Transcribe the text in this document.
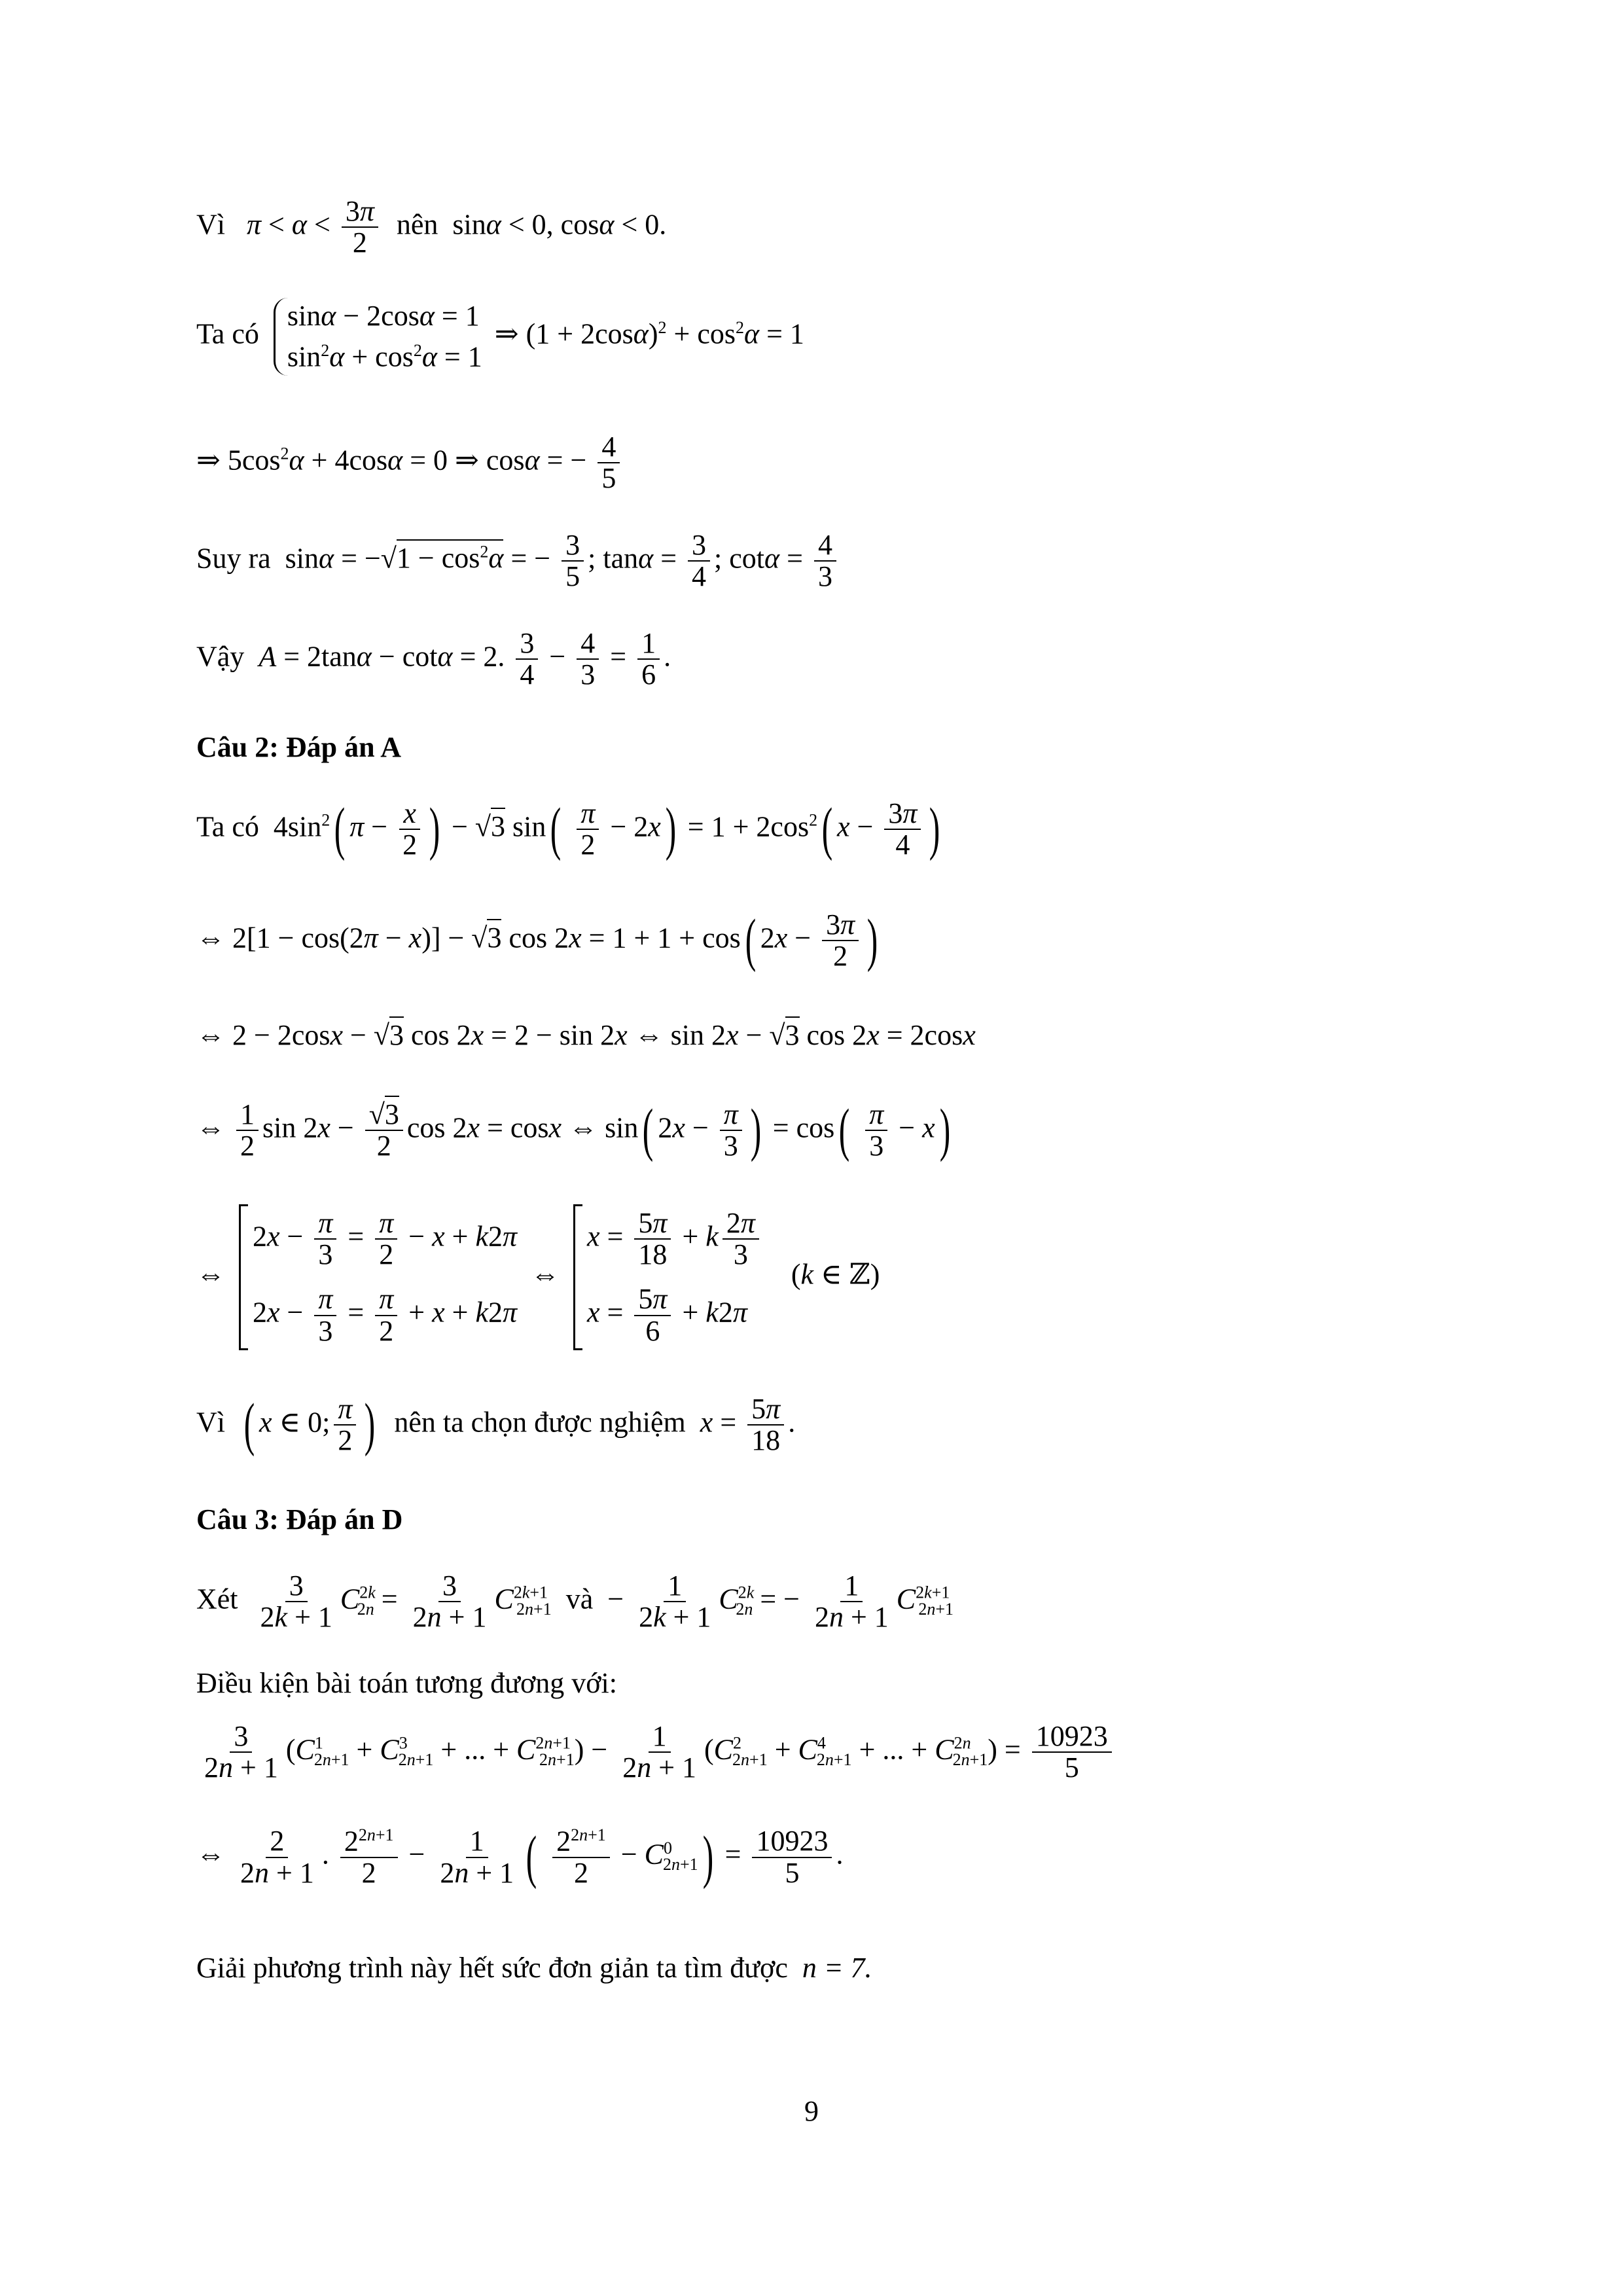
Vì $\pi < \alpha < \frac{3\pi}{2}$ nên  sinα < 0, cosα < 0.
Ta có
sinα − 2cosα = 1
$\sin^2\alpha + \cos^2\alpha = 1$
⇒ $(1 + 2\cos\alpha)^2 + \cos^2\alpha = 1$
⇒ $5\cos^2\alpha + 4\cos\alpha = 0$ ⇒ cosα = − $\frac{4}{5}$
Suy ra  $\sin\alpha = -√1 - \cos^2\alpha$ = − $\frac{3}{5}$ ; $\tan\alpha = \frac{3}{4}$ ; $\cot\alpha = \frac{4}{3}$
Vậy A = 2tanα − cotα = 2. $\frac{3}{4} - \frac{4}{3} = \frac{1}{6}$ .
Câu 2: Đáp án A
Ta có  $4\sin^2$( $\pi - \frac{x}{2}$ ) − √3 $\sin( \frac{\pi}{2} - 2x) = 1 + 2\cos^2$( $x - \frac{3\pi}{4}$ )
⇔ 2[1 − cos(2π − x)] − √3 cos 2x = 1 + 1 + cos( $2x - \frac{3\pi}{2}$ )
⇔ 2 − 2cosx − √3 cos 2x = 2 − sin 2x ⇔ sin 2x − √3 cos 2x = 2cosx
⇔ $\frac{1}{2}$ $\sin 2x - \frac{√3}{2}$ cos 2x = cosx ⇔ sin( $2x - \frac{\pi}{3}$ ) = $\cos( \frac{\pi}{3} - x)$
⇔
$2x - \frac{\pi}{3} = \frac{\pi}{2} - x + k2\pi$
$2x - \frac{\pi}{3} = \frac{\pi}{2} + x + k2\pi$
⇔
$x = \frac{5\pi}{18} + k \frac{2\pi}{3}$
$x = \frac{5\pi}{6} + k2\pi$
(k ∈ ℤ)
Vì ( x ∈ 0; $\frac{\pi}{2}$ ) nên ta chọn được nghiệm $x = \frac{5\pi}{18}$ .
Câu 3: Đáp án D
Xét $\frac{3}{2k + 1} C^{2k}_{2n} = \frac{3}{2n + 1} C^{2k+1}_{2n+1}$ và  − $\frac{1}{2k + 1} C^{2k}_{2n}$ = − $\frac{1}{2n + 1} C^{2k+1}_{2n+1}$
Điều kiện bài toán tương đương với:
$\frac{3}{2n + 1} (C^1_{2n+1} + C^3_{2n+1}$ + ... + $C^{2n+1}_{2n+1}) - \frac{1}{2n + 1} (C^2_{2n+1} + C^4_{2n+1}$ + ... + $C^{2n}_{2n+1}) = \frac{10923}{5}$
⇔ $\frac{2}{2n + 1}$ . $\frac{2^{2n+1}}{2} - \frac{1}{2n + 1}$ ( $\frac{2^{2n+1}}{2} - C^0_{2n+1}) = \frac{10923}{5}$ .
Giải phương trình này hết sức đơn giản ta tìm được n = 7.
9
